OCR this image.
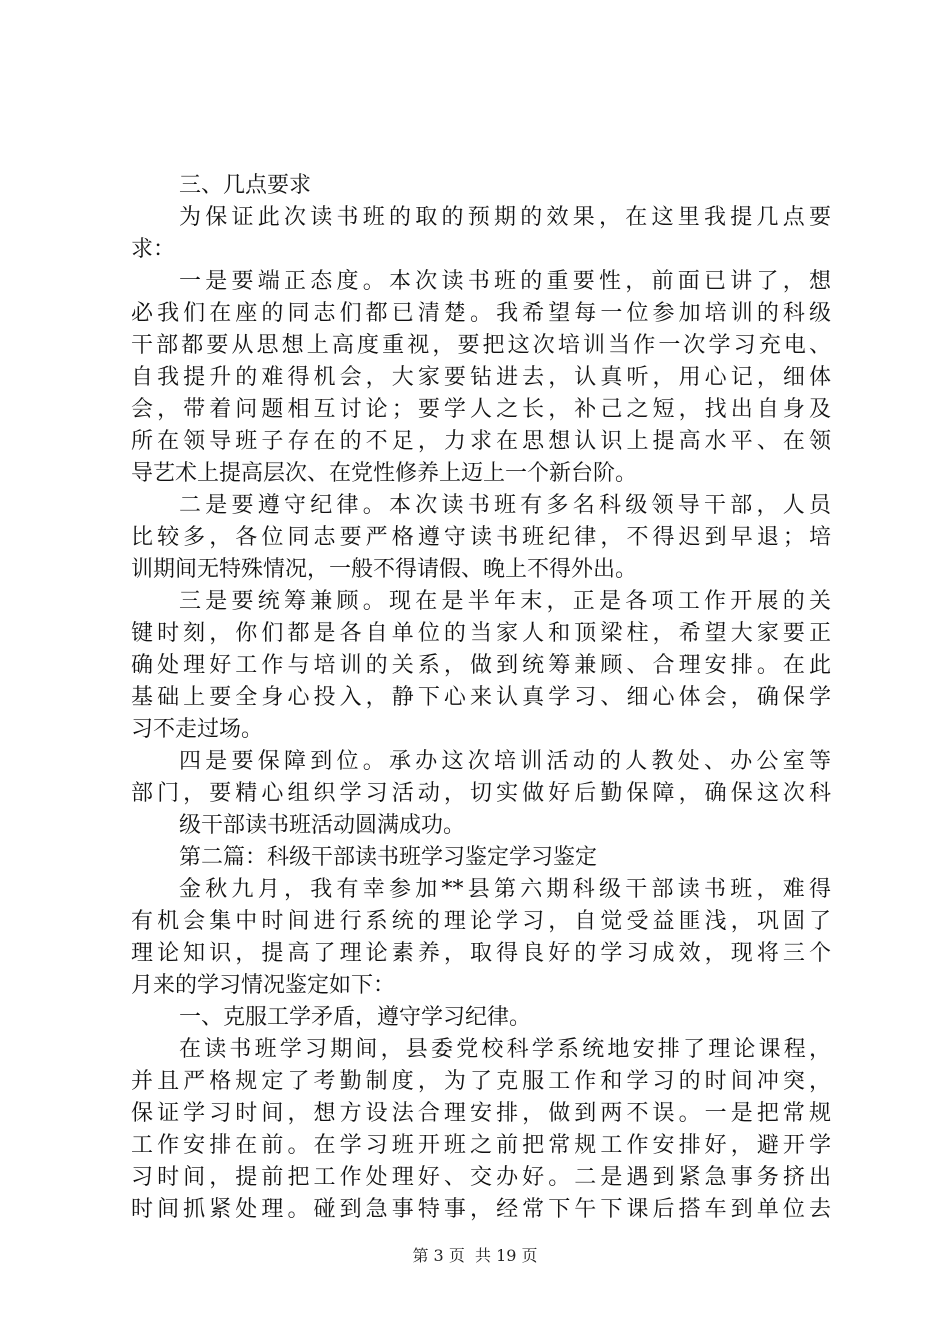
三、几点要求
为保证此次读书班的取的预期的效果，在这里我提几点要
求：
一是要端正态度。本次读书班的重要性，前面已讲了，想
必我们在座的同志们都已清楚。我希望每一位参加培训的科级
干部都要从思想上高度重视，要把这次培训当作一次学习充电、
自我提升的难得机会，大家要钻进去，认真听，用心记，细体
会，带着问题相互讨论；要学人之长，补己之短，找出自身及
所在领导班子存在的不足，力求在思想认识上提高水平、在领
导艺术上提高层次、在党性修养上迈上一个新台阶。
二是要遵守纪律。本次读书班有多名科级领导干部，人员
比较多，各位同志要严格遵守读书班纪律，不得迟到早退；培
训期间无特殊情况，一般不得请假、晚上不得外出。
三是要统筹兼顾。现在是半年末，正是各项工作开展的关
键时刻，你们都是各自单位的当家人和顶梁柱，希望大家要正
确处理好工作与培训的关系，做到统筹兼顾、合理安排。在此
基础上要全身心投入，静下心来认真学习、细心体会，确保学
习不走过场。
四是要保障到位。承办这次培训活动的人教处、办公室等
部门，要精心组织学习活动，切实做好后勤保障，确保这次科
级干部读书班活动圆满成功。
第二篇：科级干部读书班学习鉴定学习鉴定
金秋九月，我有幸参加**县第六期科级干部读书班，难得
有机会集中时间进行系统的理论学习，自觉受益匪浅，巩固了
理论知识，提高了理论素养，取得良好的学习成效，现将三个
月来的学习情况鉴定如下：
一、克服工学矛盾，遵守学习纪律。
在读书班学习期间，县委党校科学系统地安排了理论课程，
并且严格规定了考勤制度，为了克服工作和学习的时间冲突，
保证学习时间，想方设法合理安排，做到两不误。一是把常规
工作安排在前。在学习班开班之前把常规工作安排好，避开学
习时间，提前把工作处理好、交办好。二是遇到紧急事务挤出
时间抓紧处理。碰到急事特事，经常下午下课后搭车到单位去
第 3 页  共 19 页
